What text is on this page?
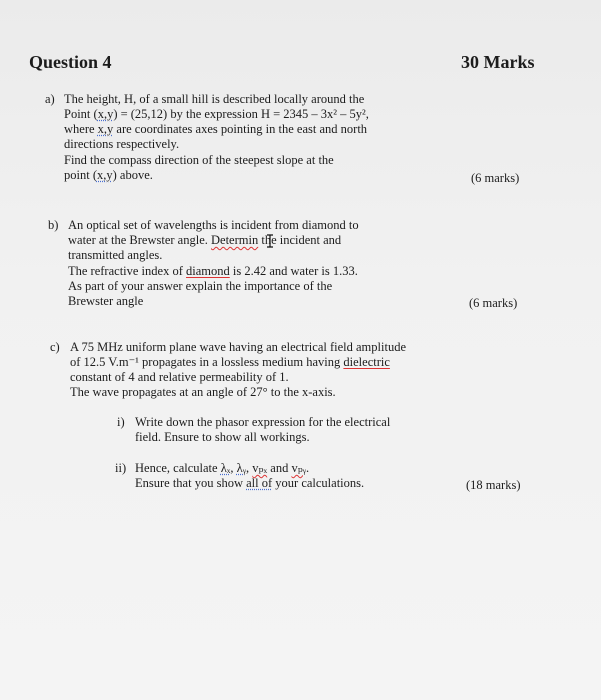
Question 4	30 Marks
a) The height, H, of a small hill is described locally around the
Point (x,y) = (25,12) by the expression H = 2345 – 3x² – 5y²,
where x,y are coordinates axes pointing in the east and north
directions respectively.
Find the compass direction of the steepest slope at the
point (x,y) above.	(6 marks)
b) An optical set of wavelengths is incident from diamond to
water at the Brewster angle. Determin the incident and
transmitted angles.
The refractive index of diamond is 2.42 and water is 1.33.
As part of your answer explain the importance of the
Brewster angle	(6 marks)
c) A 75 MHz uniform plane wave having an electrical field amplitude
of 12.5 V.m⁻¹ propagates in a lossless medium having dielectric
constant of 4 and relative permeability of 1.
The wave propagates at an angle of 27° to the x-axis.
i) Write down the phasor expression for the electrical
field. Ensure to show all workings.
ii) Hence, calculate λₓ, λᵧ, vₚₓ and vₚᵧ.
Ensure that you show all of your calculations.	(18 marks)
